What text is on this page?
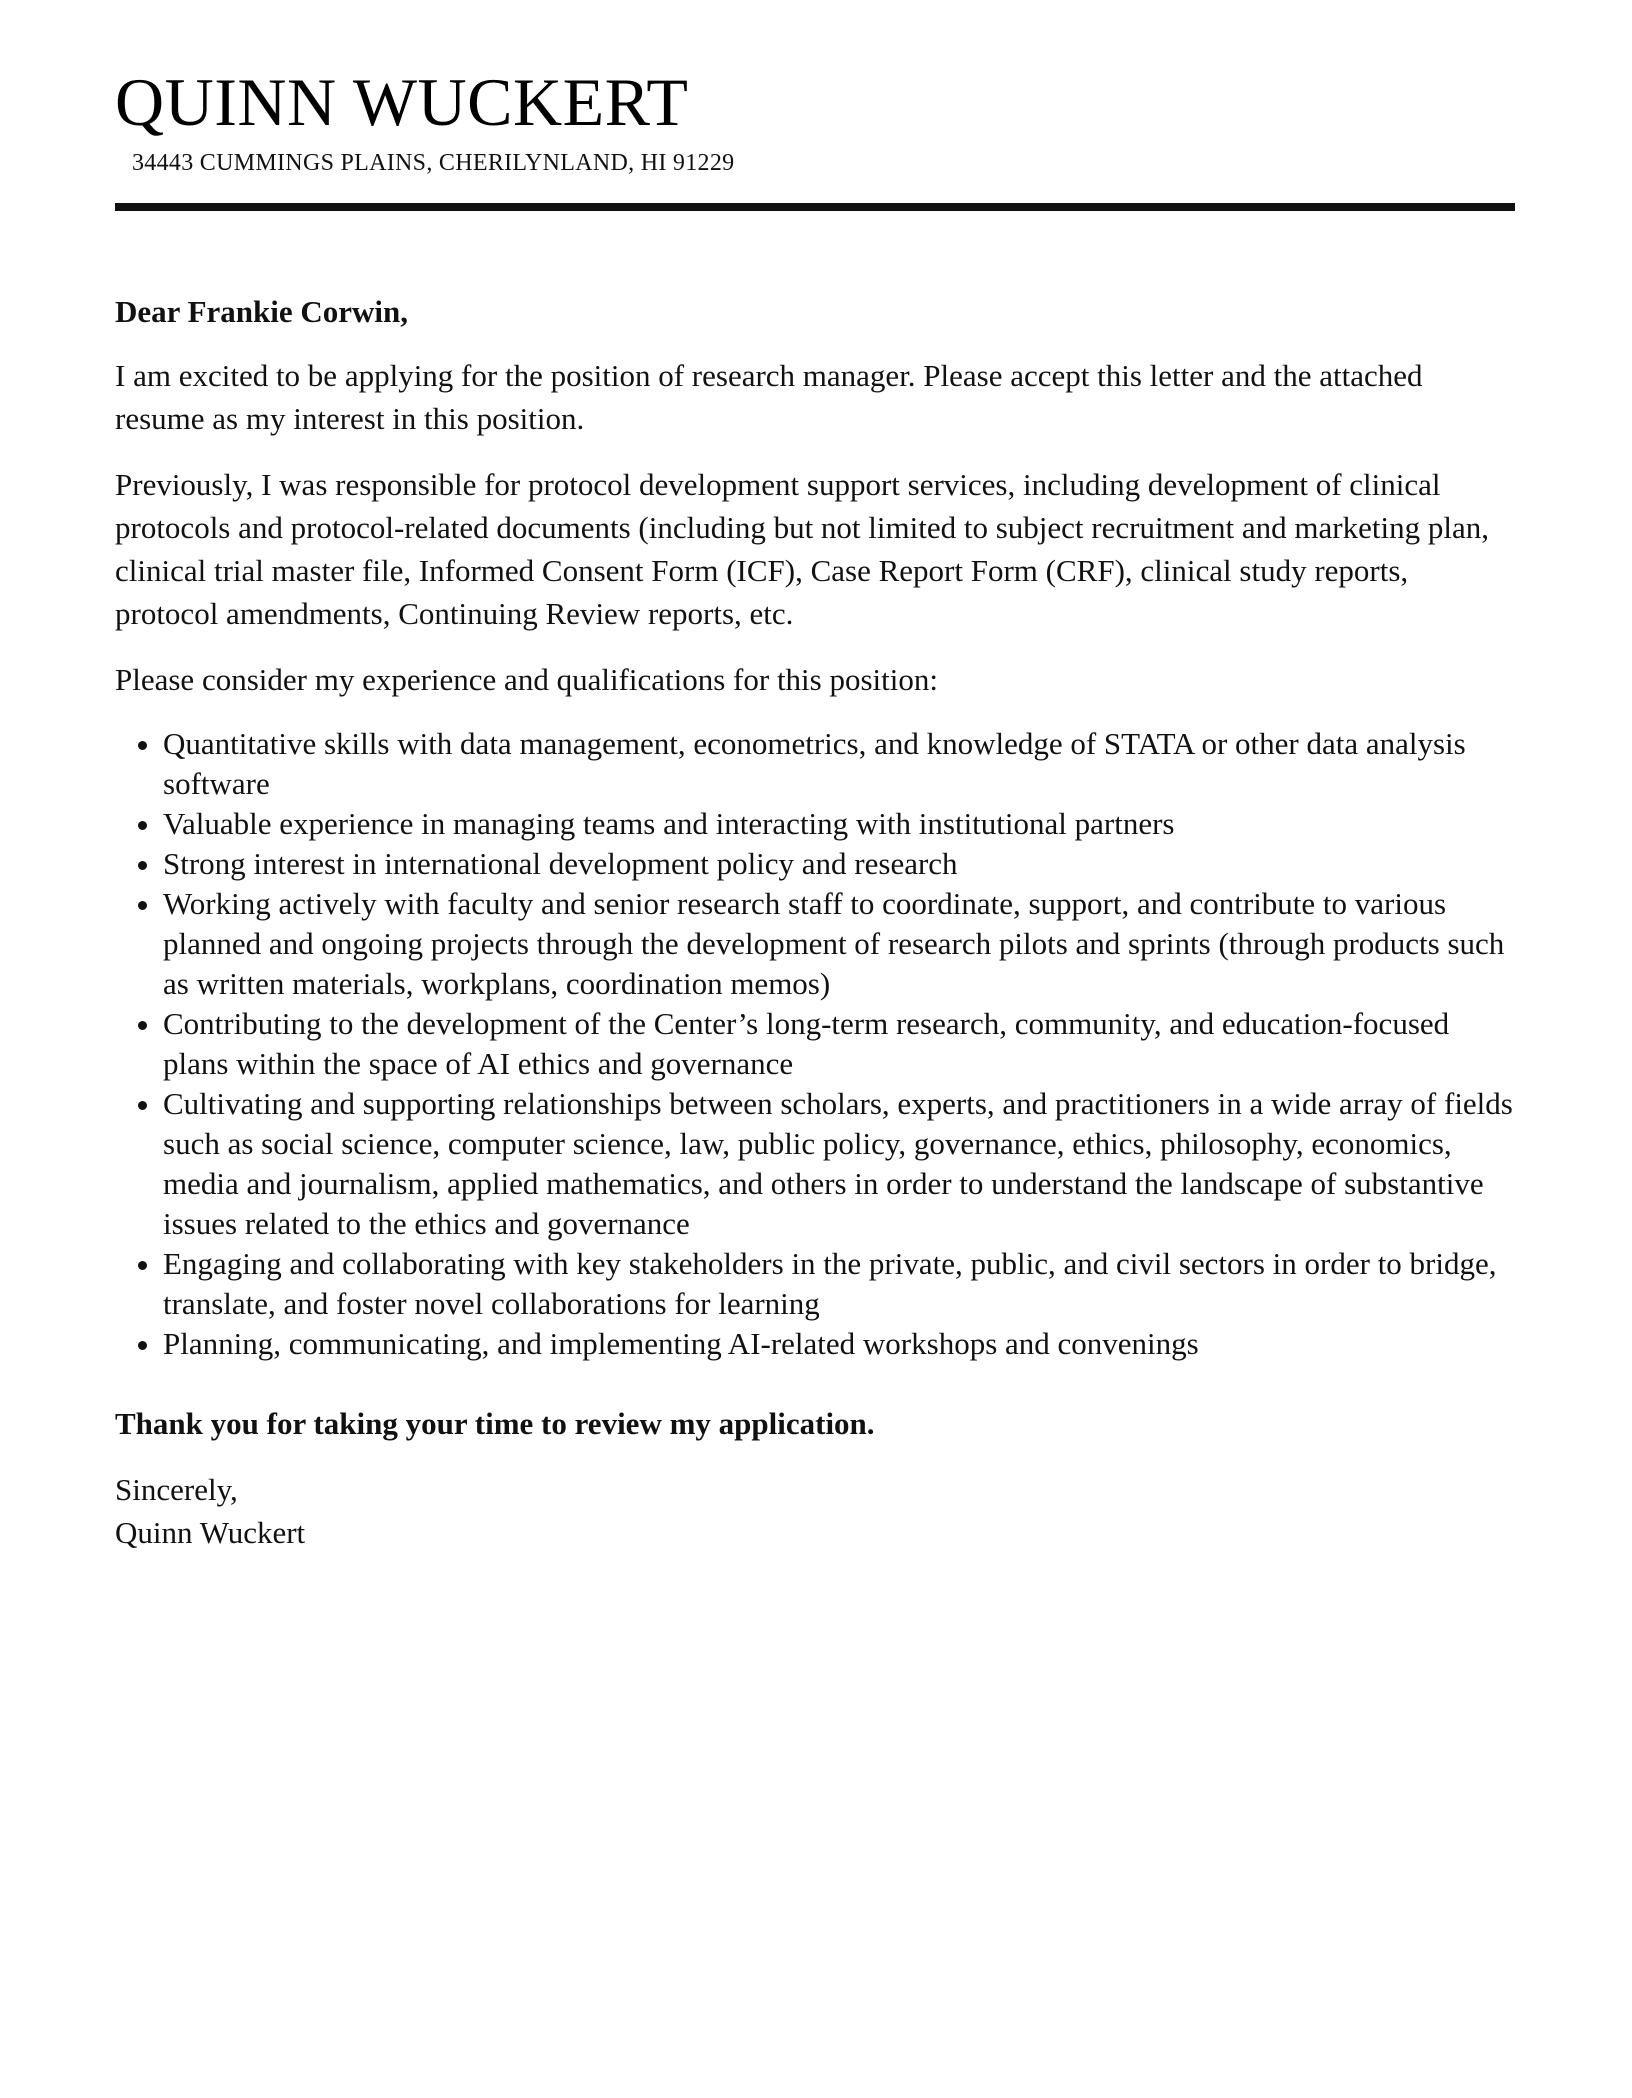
QUINN WUCKERT
34443 CUMMINGS PLAINS, CHERILYNLAND, HI 91229

Dear Frankie Corwin,

I am excited to be applying for the position of research manager. Please accept this letter and the attached resume as my interest in this position.

Previously, I was responsible for protocol development support services, including development of clinical protocols and protocol-related documents (including but not limited to subject recruitment and marketing plan, clinical trial master file, Informed Consent Form (ICF), Case Report Form (CRF), clinical study reports, protocol amendments, Continuing Review reports, etc.

Please consider my experience and qualifications for this position:

• Quantitative skills with data management, econometrics, and knowledge of STATA or other data analysis software
• Valuable experience in managing teams and interacting with institutional partners
• Strong interest in international development policy and research
• Working actively with faculty and senior research staff to coordinate, support, and contribute to various planned and ongoing projects through the development of research pilots and sprints (through products such as written materials, workplans, coordination memos)
• Contributing to the development of the Center’s long-term research, community, and education-focused plans within the space of AI ethics and governance
• Cultivating and supporting relationships between scholars, experts, and practitioners in a wide array of fields such as social science, computer science, law, public policy, governance, ethics, philosophy, economics, media and journalism, applied mathematics, and others in order to understand the landscape of substantive issues related to the ethics and governance
• Engaging and collaborating with key stakeholders in the private, public, and civil sectors in order to bridge, translate, and foster novel collaborations for learning
• Planning, communicating, and implementing AI-related workshops and convenings

Thank you for taking your time to review my application.

Sincerely,

Quinn Wuckert
